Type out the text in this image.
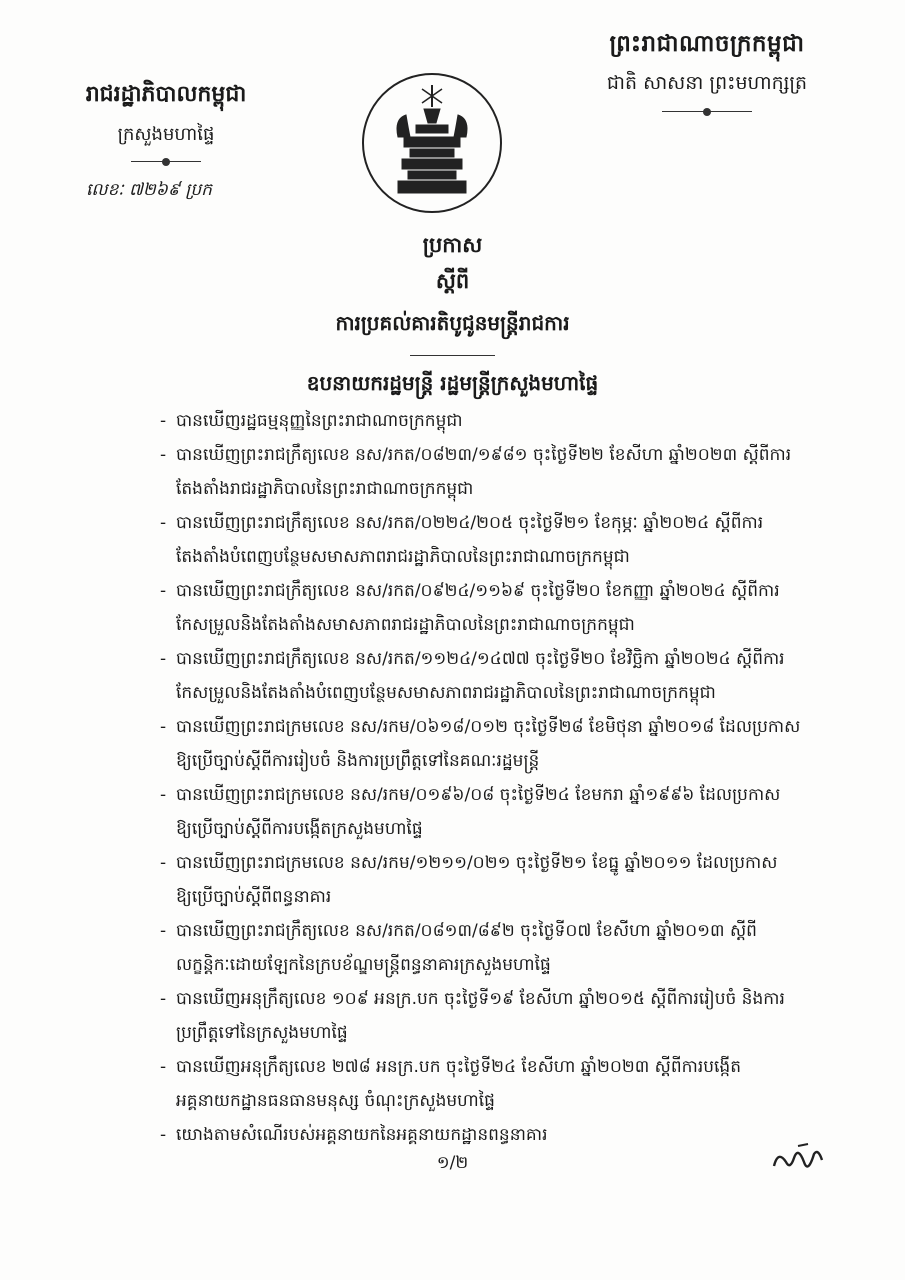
ព្រះរាជាណាចក្រកម្ពុជា
ជាតិ សាសនា ព្រះមហាក្សត្រ
រាជរដ្ឋាភិបាលកម្ពុជា
ក្រសួងមហាផ្ទៃ
លេខៈ ៧២៦៩ ប្រក
ប្រកាស
ស្ដីពី
ការប្រគល់គារតិបូជូនមន្ត្រីរាជការ
ឧបនាយករដ្ឋមន្ត្រី រដ្ឋមន្ត្រីក្រសួងមហាផ្ទៃ
- បានឃើញរដ្ឋធម្មនុញ្ញនៃព្រះរាជាណាចក្រកម្ពុជា
- បានឃើញព្រះរាជក្រឹត្យលេខ នស/រកត/០៨២៣/១៩៨១ ចុះថ្ងៃទី២២ ខែសីហា ឆ្នាំ២០២៣ ស្ដីពីការ
តែងតាំងរាជរដ្ឋាភិបាលនៃព្រះរាជាណាចក្រកម្ពុជា
- បានឃើញព្រះរាជក្រឹត្យលេខ នស/រកត/០២២៤/២០៥ ចុះថ្ងៃទី២១ ខែកុម្ភៈ ឆ្នាំ២០២៤ ស្ដីពីការ
តែងតាំងបំពេញបន្ថែមសមាសភាពរាជរដ្ឋាភិបាលនៃព្រះរាជាណាចក្រកម្ពុជា
- បានឃើញព្រះរាជក្រឹត្យលេខ នស/រកត/០៩២៤/១១៦៩ ចុះថ្ងៃទី២០ ខែកញ្ញា ឆ្នាំ២០២៤ ស្ដីពីការ
កែសម្រួលនិងតែងតាំងសមាសភាពរាជរដ្ឋាភិបាលនៃព្រះរាជាណាចក្រកម្ពុជា
- បានឃើញព្រះរាជក្រឹត្យលេខ នស/រកត/១១២៤/១៤៧៧ ចុះថ្ងៃទី២០ ខែវិច្ឆិកា ឆ្នាំ២០២៤ ស្ដីពីការ
កែសម្រួលនិងតែងតាំងបំពេញបន្ថែមសមាសភាពរាជរដ្ឋាភិបាលនៃព្រះរាជាណាចក្រកម្ពុជា
- បានឃើញព្រះរាជក្រមលេខ នស/រកម/០៦១៨/០១២ ចុះថ្ងៃទី២៨ ខែមិថុនា ឆ្នាំ២០១៨ ដែលប្រកាស
ឱ្យប្រើច្បាប់ស្ដីពីការរៀបចំ និងការប្រព្រឹត្តទៅនៃគណៈរដ្ឋមន្ត្រី
- បានឃើញព្រះរាជក្រមលេខ នស/រកម/០១៩៦/០៨ ចុះថ្ងៃទី២៤ ខែមករា ឆ្នាំ១៩៩៦ ដែលប្រកាស
ឱ្យប្រើច្បាប់ស្ដីពីការបង្កើតក្រសួងមហាផ្ទៃ
- បានឃើញព្រះរាជក្រមលេខ នស/រកម/១២១១/០២១ ចុះថ្ងៃទី២១ ខែធ្នូ ឆ្នាំ២០១១ ដែលប្រកាស
ឱ្យប្រើច្បាប់ស្ដីពីពន្ធនាគារ
- បានឃើញព្រះរាជក្រឹត្យលេខ នស/រកត/០៨១៣/៨៩២ ចុះថ្ងៃទី០៧ ខែសីហា ឆ្នាំ២០១៣ ស្ដីពី
លក្ខន្តិកៈដោយឡែកនៃក្របខ័ណ្ឌមន្ត្រីពន្ធនាគារក្រសួងមហាផ្ទៃ
- បានឃើញអនុក្រឹត្យលេខ ១០៩ អនក្រ.បក ចុះថ្ងៃទី១៩ ខែសីហា ឆ្នាំ២០១៥ ស្ដីពីការរៀបចំ និងការ
ប្រព្រឹត្តទៅនៃក្រសួងមហាផ្ទៃ
- បានឃើញអនុក្រឹត្យលេខ ២៧៨ អនក្រ.បក ចុះថ្ងៃទី២៤ ខែសីហា ឆ្នាំ២០២៣ ស្ដីពីការបង្កើត
អគ្គនាយកដ្ឋានធនធានមនុស្ស ចំណុះក្រសួងមហាផ្ទៃ
- យោងតាមសំណើរបស់អគ្គនាយកនៃអគ្គនាយកដ្ឋានពន្ធនាគារ
១/២
